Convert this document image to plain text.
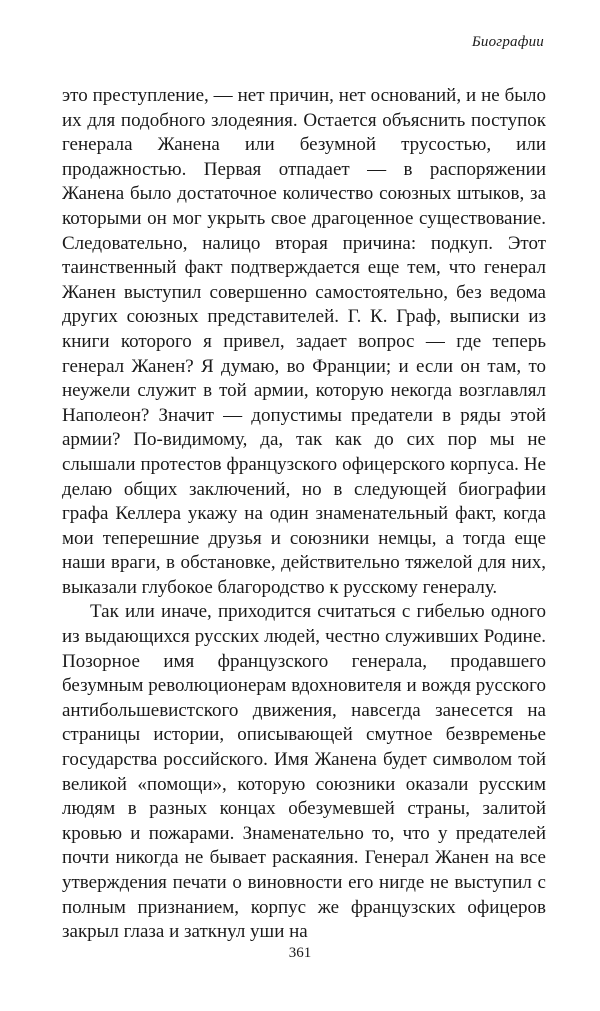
Биографии

это преступление, — нет причин, нет оснований, и не было их для подобного злодеяния. Остается объяснить поступок генерала Жанена или безумной трусостью, или продажностью. Первая отпадает — в распоряжении Жанена было достаточное количество союзных штыков, за которыми он мог укрыть свое драгоценное существование. Следовательно, налицо вторая причина: подкуп. Этот таинственный факт подтверждается еще тем, что генерал Жанен выступил совершенно самостоятельно, без ведома других союзных представителей. Г. К. Граф, выписки из книги которого я привел, задает вопрос — где теперь генерал Жанен? Я думаю, во Франции; и если он там, то неужели служит в той армии, которую некогда возглавлял Наполеон? Значит — допустимы предатели в ряды этой армии? По-видимому, да, так как до сих пор мы не слышали протестов французского офицерского корпуса. Не делаю общих заключений, но в следующей биографии графа Келлера укажу на один знаменательный факт, когда мои теперешние друзья и союзники немцы, а тогда еще наши враги, в обстановке, действительно тяжелой для них, выказали глубокое благородство к русскому генералу.

Так или иначе, приходится считаться с гибелью одного из выдающихся русских людей, честно служивших Родине. Позорное имя французского генерала, продавшего безумным революционерам вдохновителя и вождя русского антибольшевистского движения, навсегда занесется на страницы истории, описывающей смутное безвременье государства российского. Имя Жанена будет символом той великой «помощи», которую союзники оказали русским людям в разных концах обезумевшей страны, залитой кровью и пожарами. Знаменательно то, что у предателей почти никогда не бывает раскаяния. Генерал Жанен на все утверждения печати о виновности его нигде не выступил с полным признанием, корпус же французских офицеров закрыл глаза и заткнул уши на

361
